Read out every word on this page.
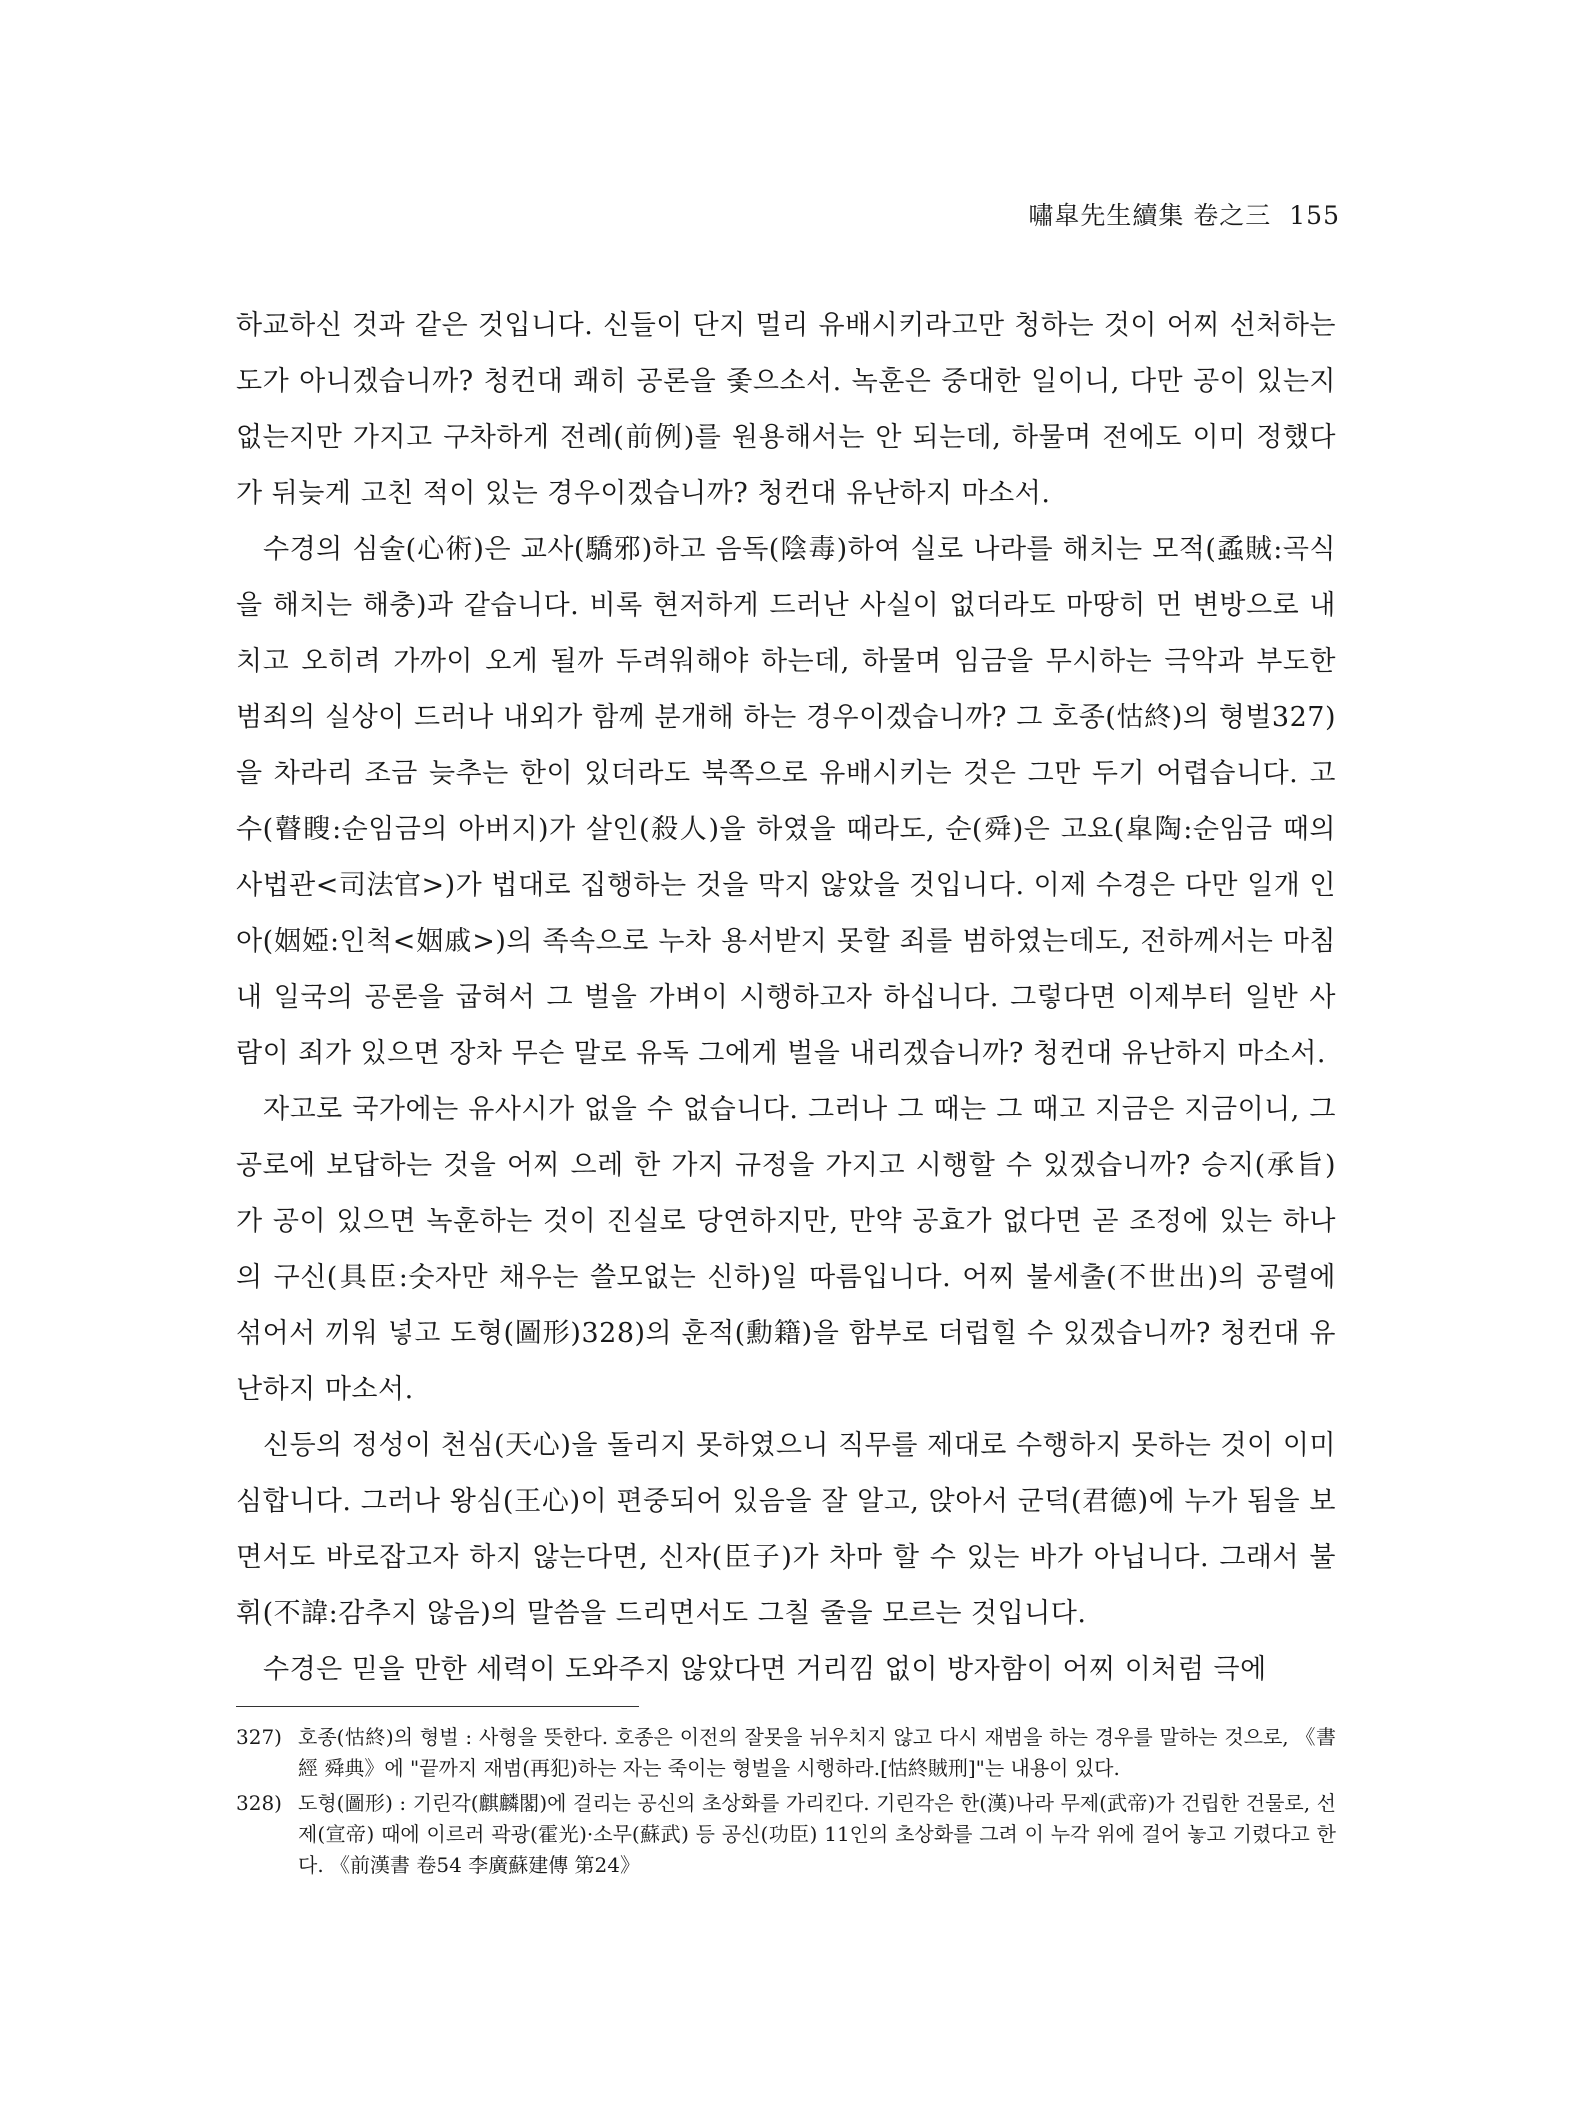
嘯皐先生續集 卷之三 155

하교하신 것과 같은 것입니다. 신들이 단지 멀리 유배시키라고만 청하는 것이 어찌 선처하는 도가 아니겠습니까? 청컨대 쾌히 공론을 좇으소서. 녹훈은 중대한 일이니, 다만 공이 있는지 없는지만 가지고 구차하게 전례(前例)를 원용해서는 안 되는데, 하물며 전에도 이미 정했다가 뒤늦게 고친 적이 있는 경우이겠습니까? 청컨대 유난하지 마소서.

수경의 심술(心術)은 교사(驕邪)하고 음독(陰毒)하여 실로 나라를 해치는 모적(蟊賊:곡식을 해치는 해충)과 같습니다. 비록 현저하게 드러난 사실이 없더라도 마땅히 먼 변방으로 내치고 오히려 가까이 오게 될까 두려워해야 하는데, 하물며 임금을 무시하는 극악과 부도한 범죄의 실상이 드러나 내외가 함께 분개해 하는 경우이겠습니까? 그 호종(怙終)의 형벌327)을 차라리 조금 늦추는 한이 있더라도 북쪽으로 유배시키는 것은 그만 두기 어렵습니다. 고수(瞽瞍:순임금의 아버지)가 살인(殺人)을 하였을 때라도, 순(舜)은 고요(皐陶:순임금 때의 사법관<司法官>)가 법대로 집행하는 것을 막지 않았을 것입니다. 이제 수경은 다만 일개 인아(姻婭:인척<姻戚>)의 족속으로 누차 용서받지 못할 죄를 범하였는데도, 전하께서는 마침내 일국의 공론을 굽혀서 그 벌을 가벼이 시행하고자 하십니다. 그렇다면 이제부터 일반 사람이 죄가 있으면 장차 무슨 말로 유독 그에게 벌을 내리겠습니까? 청컨대 유난하지 마소서.

자고로 국가에는 유사시가 없을 수 없습니다. 그러나 그 때는 그 때고 지금은 지금이니, 그 공로에 보답하는 것을 어찌 으레 한 가지 규정을 가지고 시행할 수 있겠습니까? 승지(承旨)가 공이 있으면 녹훈하는 것이 진실로 당연하지만, 만약 공효가 없다면 곧 조정에 있는 하나의 구신(具臣:숫자만 채우는 쓸모없는 신하)일 따름입니다. 어찌 불세출(不世出)의 공렬에 섞어서 끼워 넣고 도형(圖形)328)의 훈적(勳籍)을 함부로 더럽힐 수 있겠습니까? 청컨대 유난하지 마소서.

신등의 정성이 천심(天心)을 돌리지 못하였으니 직무를 제대로 수행하지 못하는 것이 이미 심합니다. 그러나 왕심(王心)이 편중되어 있음을 잘 알고, 앉아서 군덕(君德)에 누가 됨을 보면서도 바로잡고자 하지 않는다면, 신자(臣子)가 차마 할 수 있는 바가 아닙니다. 그래서 불휘(不諱:감추지 않음)의 말씀을 드리면서도 그칠 줄을 모르는 것입니다.

수경은 믿을 만한 세력이 도와주지 않았다면 거리낌 없이 방자함이 어찌 이처럼 극에

327) 호종(怙終)의 형벌 : 사형을 뜻한다. 호종은 이전의 잘못을 뉘우치지 않고 다시 재범을 하는 경우를 말하는 것으로, 《書經 舜典》에 "끝까지 재범(再犯)하는 자는 죽이는 형벌을 시행하라.[怙終賊刑]"는 내용이 있다.
328) 도형(圖形) : 기린각(麒麟閣)에 걸리는 공신의 초상화를 가리킨다. 기린각은 한(漢)나라 무제(武帝)가 건립한 건물로, 선제(宣帝) 때에 이르러 곽광(霍光)·소무(蘇武) 등 공신(功臣) 11인의 초상화를 그려 이 누각 위에 걸어 놓고 기렸다고 한다. 《前漢書 卷54 李廣蘇建傳 第24》
